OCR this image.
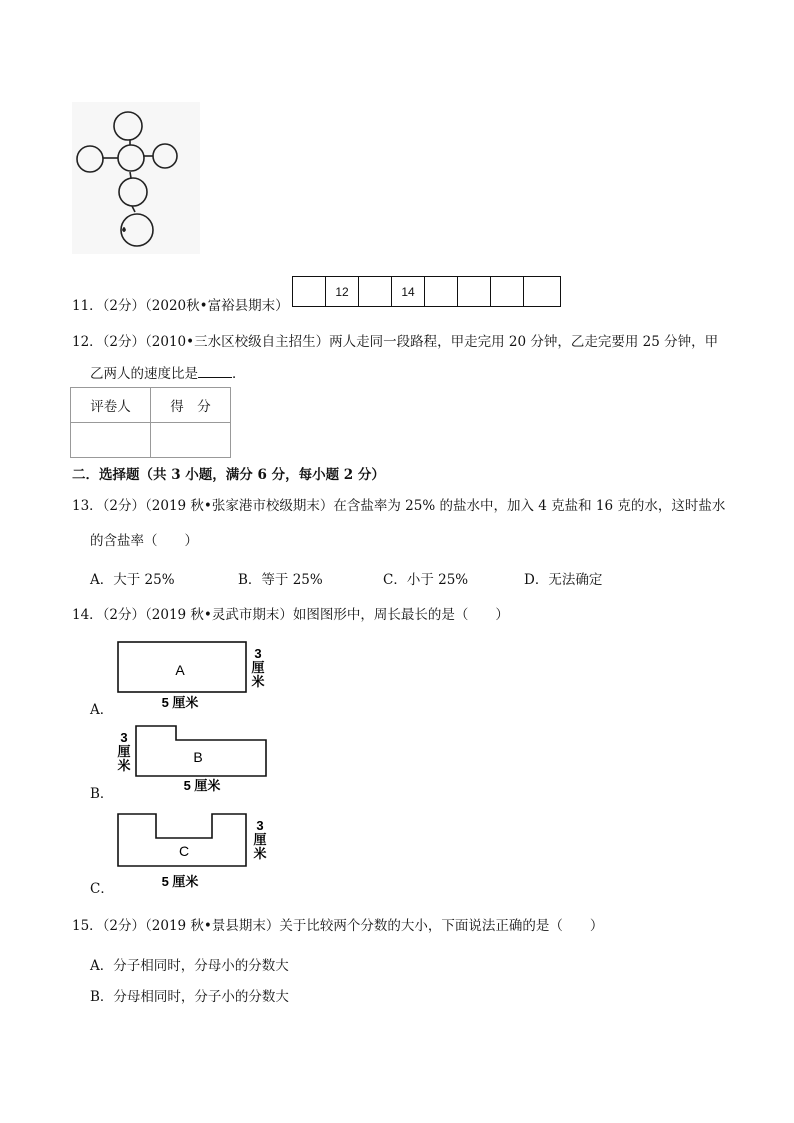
11．（2分）（2020秋•富裕县期末）
	12		14				
12．（2分）（2010•三水区校级自主招生）两人走同一段路程，甲走完用 20 分钟，乙走完要用 25 分钟，甲
乙两人的速度比是	．
评卷人	得　分

二．选择题（共 3 小题，满分 6 分，每小题 2 分）
13．（2分）（2019 秋•张家港市校级期末）在含盐率为 25% 的盐水中，加入 4 克盐和 16 克的水，这时盐水
的含盐率（　　）
A．大于 25%	B．等于 25%	C．小于 25%	D．无法确定
14．（2分）（2019 秋•灵武市期末）如图图形中，周长最长的是（　　）
A．
A
5 厘米
3
厘
米
B．
B
5 厘米
3
厘
米
C．
C
5 厘米
3
厘
米
15．（2分）（2019 秋•景县期末）关于比较两个分数的大小，下面说法正确的是（　　）
A．分子相同时，分母小的分数大
B．分母相同时，分子小的分数大
